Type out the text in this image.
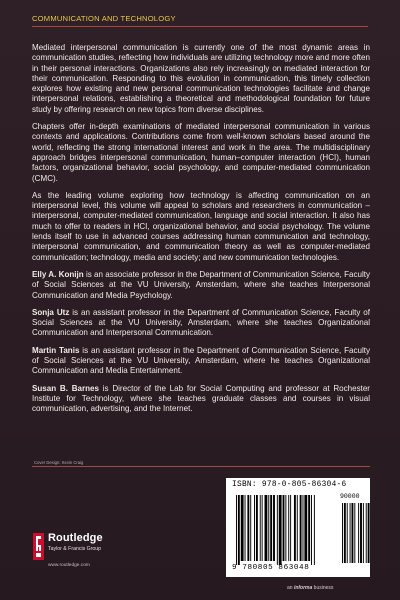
COMMUNICATION AND TECHNOLOGY

Mediated interpersonal communication is currently one of the most dynamic areas in communication studies, reflecting how individuals are utilizing technology more and more often in their personal interactions. Organizations also rely increasingly on mediated interaction for their communication. Responding to this evolution in communication, this timely collection explores how existing and new personal communication technologies facilitate and change interpersonal relations, establishing a theoretical and methodological foundation for future study by offering research on new topics from diverse disciplines.

Chapters offer in-depth examinations of mediated interpersonal communication in various contexts and applications. Contributions come from well-known scholars based around the world, reflecting the strong international interest and work in the area. The multidisciplinary approach bridges interpersonal communication, human–computer interaction (HCI), human factors, organizational behavior, social psychology, and computer-mediated communication (CMC).

As the leading volume exploring how technology is affecting communication on an interpersonal level, this volume will appeal to scholars and researchers in communication – interpersonal, computer-mediated communication, language and social interaction. It also has much to offer to readers in HCI, organizational behavior, and social psychology. The volume lends itself to use in advanced courses addressing human communication and technology, interpersonal communication, and communication theory as well as computer-mediated communication; technology, media and society; and new communication technologies.

Elly A. Konijn is an associate professor in the Department of Communication Science, Faculty of Social Sciences at the VU University, Amsterdam, where she teaches Interpersonal Communication and Media Psychology.

Sonja Utz is an assistant professor in the Department of Communication Science, Faculty of Social Sciences at the VU University, Amsterdam, where she teaches Organizational Communication and Interpersonal Communication.

Martin Tanis is an assistant professor in the Department of Communication Science, Faculty of Social Sciences at the VU University, Amsterdam, where he teaches Organizational Communication and Media Entertainment.

Susan B. Barnes is Director of the Lab for Social Computing and professor at Rochester Institute for Technology, where she teaches graduate classes and courses in visual communication, advertising, and the Internet.

Cover Design: Kevin Craig
Routledge
Taylor & Francis Group
www.routledge.com
ISBN: 978-0-805-86304-6
90000
9 780805 863048
an informa business
